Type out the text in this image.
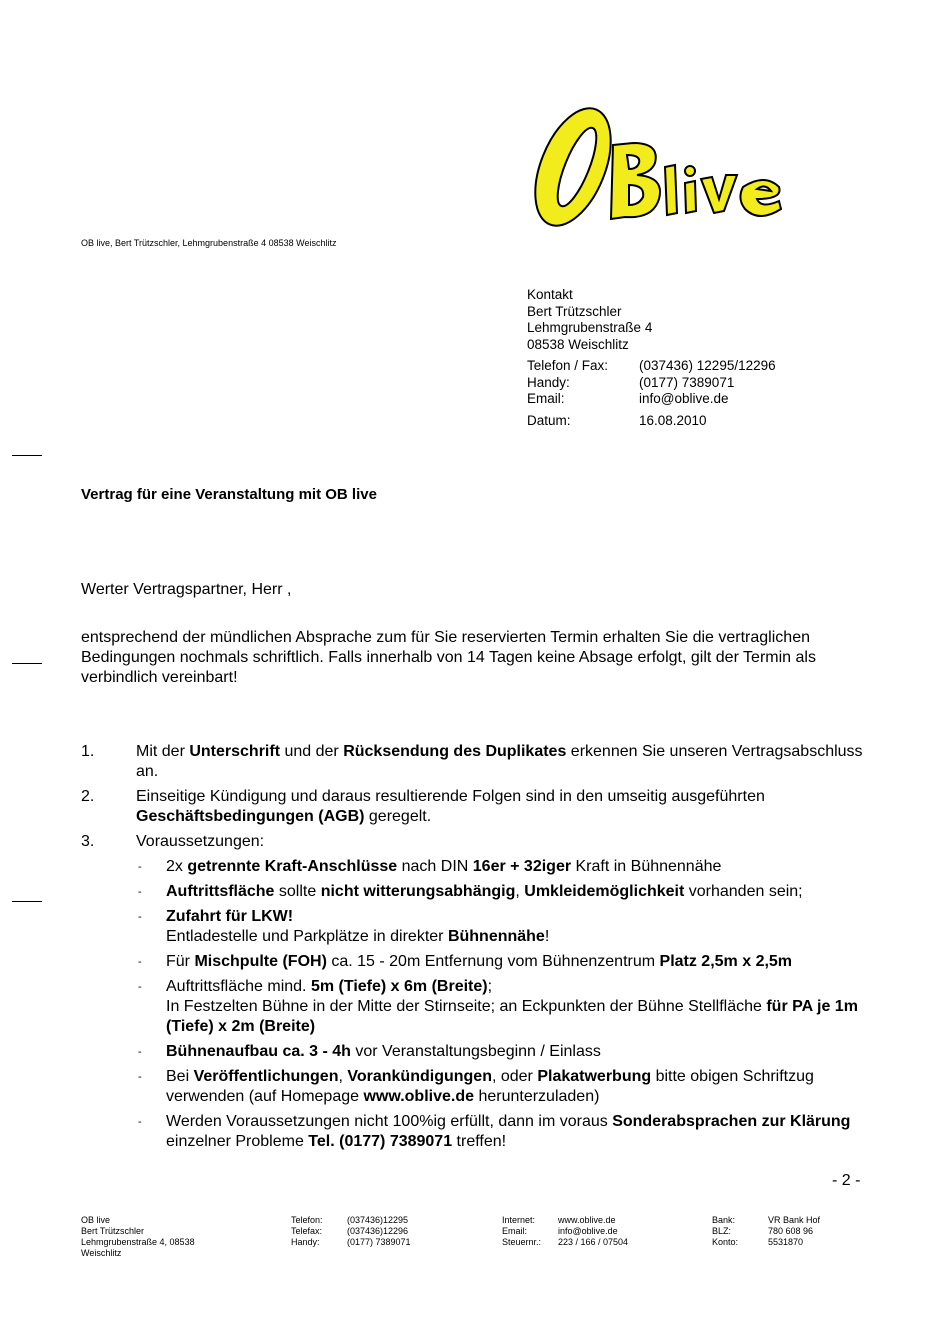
OB live, Bert Trützschler, Lehmgrubenstraße 4 08538 Weischlitz
Kontakt
Bert Trützschler
Lehmgrubenstraße 4
08538 Weischlitz
Telefon / Fax: (037436) 12295/12296
Handy:	(0177) 7389071
Email:	info@oblive.de
Datum:	16.08.2010
Vertrag für eine Veranstaltung mit OB live
Werter Vertragspartner, Herr ,
entsprechend der mündlichen Absprache zum für Sie reservierten Termin erhalten Sie die vertraglichen Bedingungen nochmals schriftlich. Falls innerhalb von 14 Tagen keine Absage erfolgt, gilt der Termin als verbindlich vereinbart!
1.	Mit der Unterschrift und der Rücksendung des Duplikates erkennen Sie unseren Vertragsabschluss an.
2.	Einseitige Kündigung und daraus resultierende Folgen sind in den umseitig ausgeführten Geschäftsbedingungen (AGB) geregelt.
3.	Voraussetzungen:
- 2x getrennte Kraft-Anschlüsse nach DIN 16er + 32iger Kraft in Bühnennähe
- Auftrittsfläche sollte nicht witterungsabhängig, Umkleidemöglichkeit vorhanden sein;
- Zufahrt für LKW!
Entladestelle und Parkplätze in direkter Bühnennähe!
- Für Mischpulte (FOH) ca. 15 - 20m Entfernung vom Bühnenzentrum Platz 2,5m x 2,5m
- Auftrittsfläche mind. 5m (Tiefe) x 6m (Breite);
In Festzelten Bühne in der Mitte der Stirnseite; an Eckpunkten der Bühne Stellfläche für PA je 1m (Tiefe) x 2m (Breite)
- Bühnenaufbau ca. 3 - 4h vor Veranstaltungsbeginn / Einlass
- Bei Veröffentlichungen, Vorankündigungen, oder Plakatwerbung bitte obigen Schriftzug verwenden (auf Homepage www.oblive.de herunterzuladen)
- Werden Voraussetzungen nicht 100%ig erfüllt, dann im voraus Sonderabsprachen zur Klärung einzelner Probleme Tel. (0177) 7389071 treffen!
- 2 -
OB live
Bert Trützschler
Lehmgrubenstraße 4, 08538
Weischlitz
Telefon:	(037436)12295
Telefax:	(037436)12296
Handy:	(0177) 7389071
Internet:	www.oblive.de
Email:	info@oblive.de
Steuernr.: 223 / 166 / 07504
Bank:	VR Bank Hof
BLZ:	780 608 96
Konto:	5531870
